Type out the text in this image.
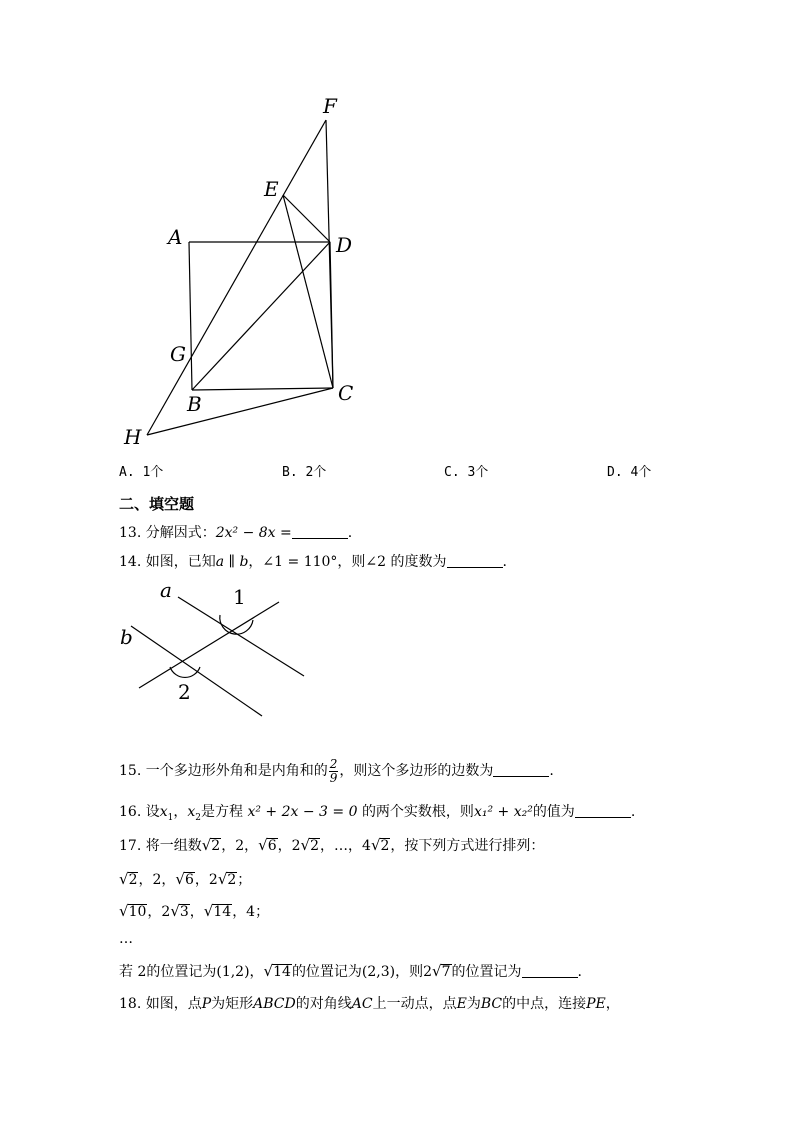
F
E
A	D
G
B	C
H
A. 1个	B. 2个	C. 3个	D. 4个
二、填空题
13. 分解因式：2x² − 8x =	.
14. 如图，已知a ∥ b，∠1 = 110°，则∠2 的度数为	.
a
b
1
2
15. 一个多边形外角和是内角和的 $\frac{2}{9}$ ，则这个多边形的边数为	.
16. 设$x_1$，$x_2$是方程 x² + 2x − 3 = 0 的两个实数根，则x₁² + x₂²的值为	.
17. 将一组数√2，2，√6，2√2，…，4√2，按下列方式进行排列：
√2，2，√6，2√2；
√10，2√3，√14，4；
…
若 2的位置记为(1,2)，√14的位置记为(2,3)，则2√7的位置记为	.
18. 如图，点P为矩形ABCD的对角线AC上一动点，点E为BC的中点，连接PE，
